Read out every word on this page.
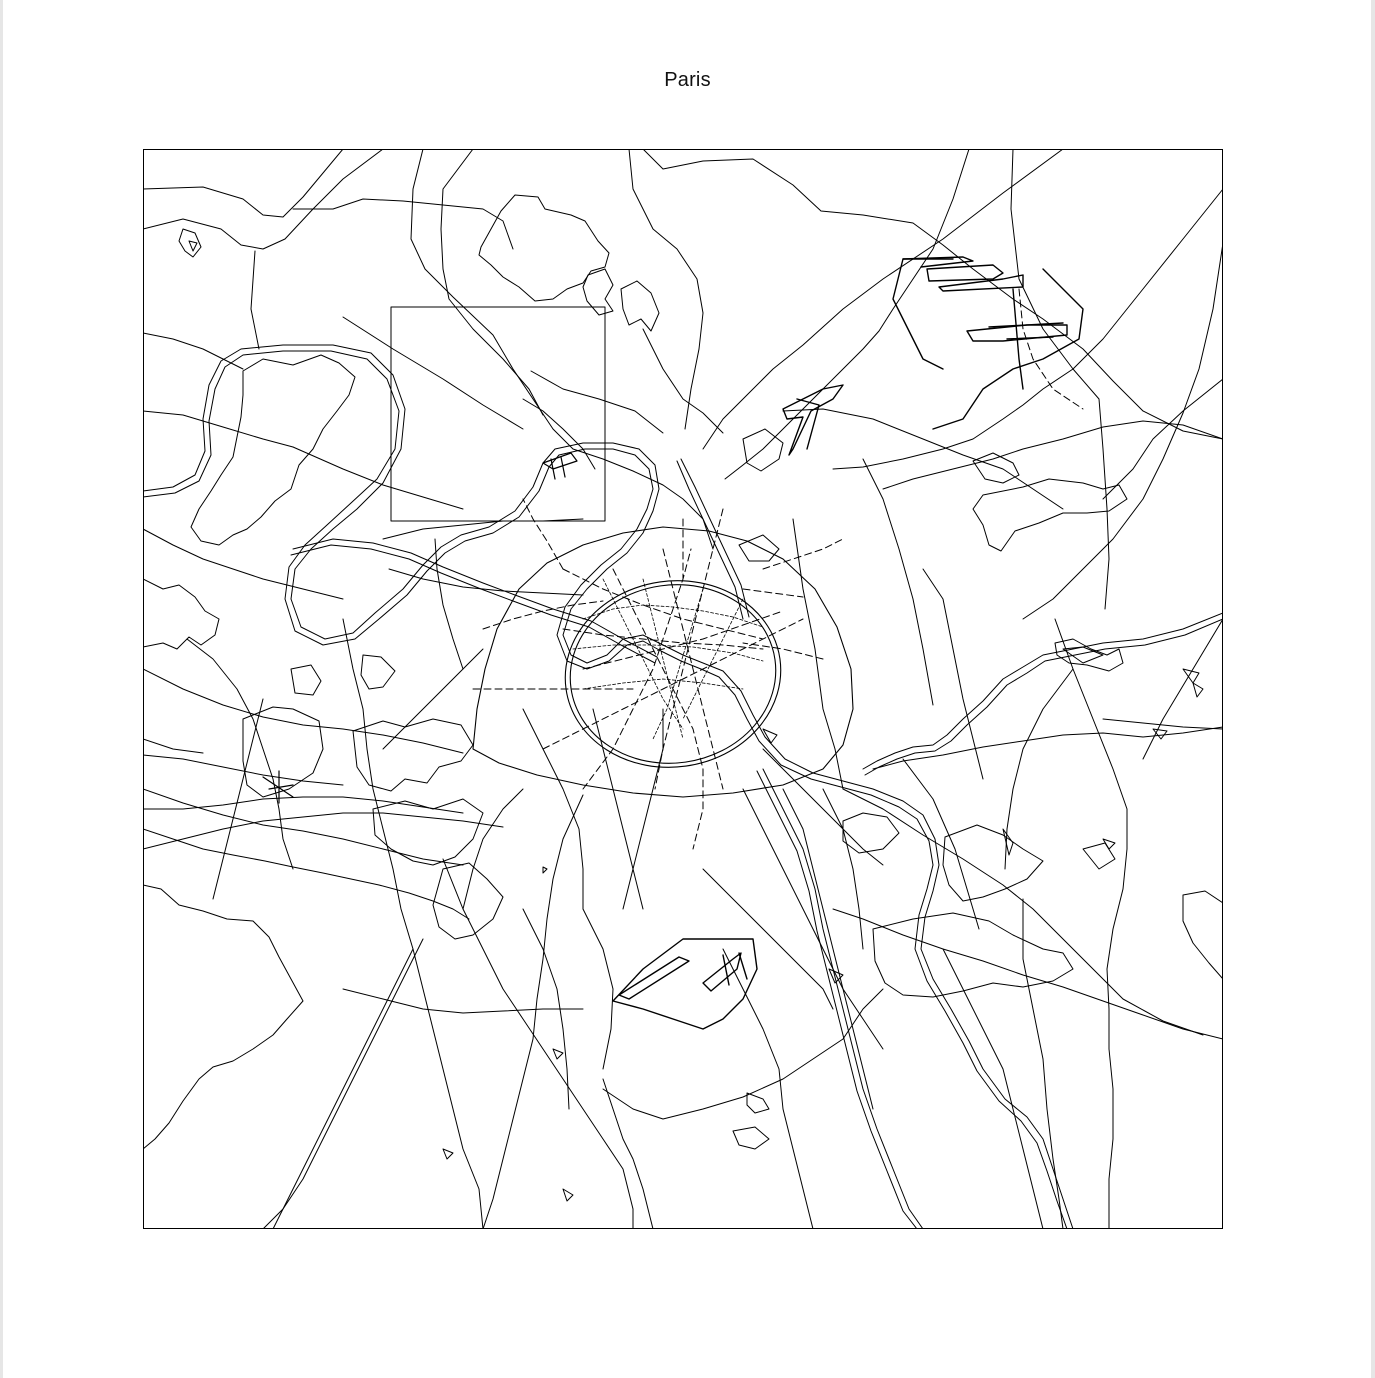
Paris
